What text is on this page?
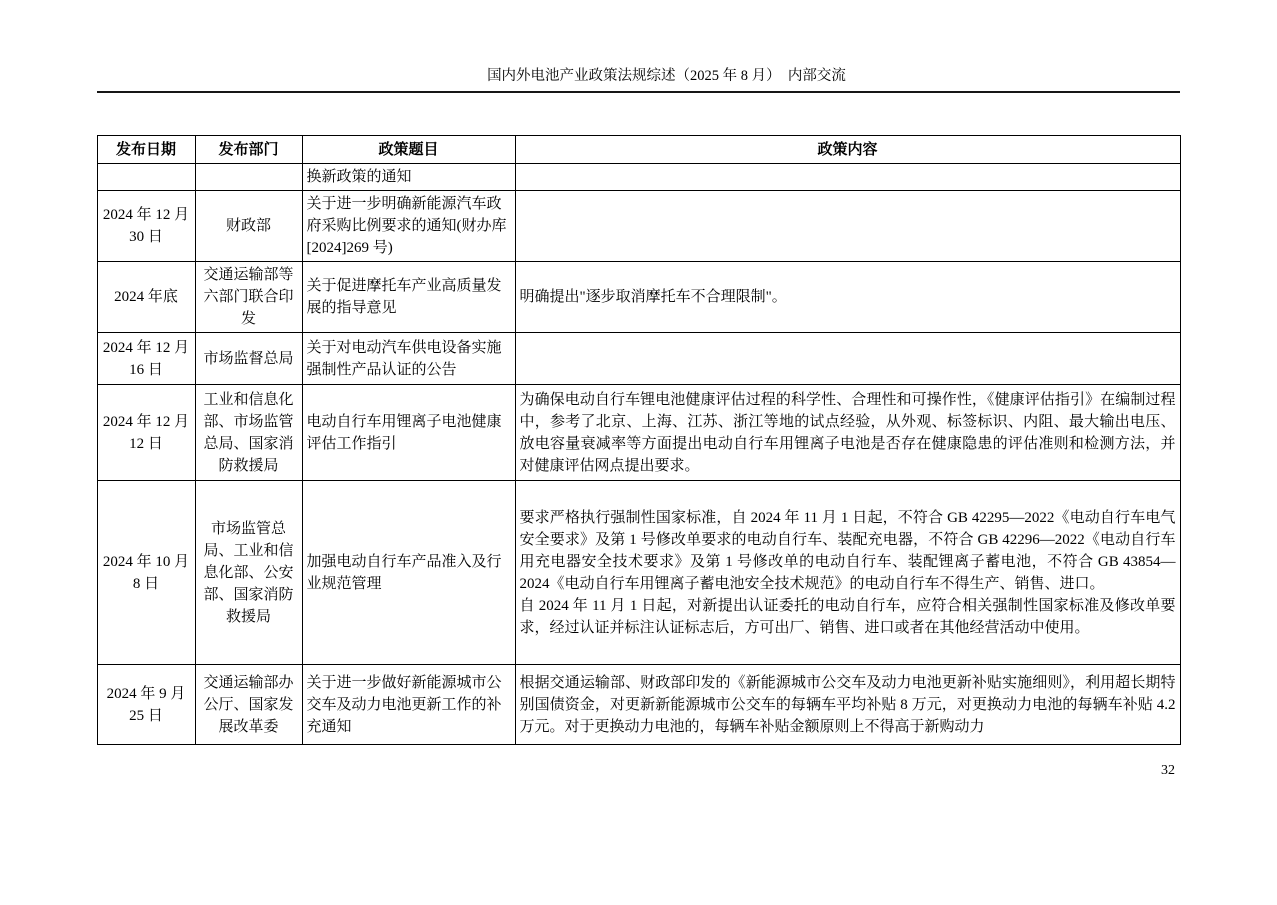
国内外电池产业政策法规综述（2025 年 8 月）　内部交流
发布日期	发布部门	政策题目	政策内容
		换新政策的通知	

2024 年 12 月 30 日	财政部	关于进一步明确新能源汽车政府采购比例要求的通知(财办库[2024]269 号)	

2024 年底	交通运输部等六部门联合印发	关于促进摩托车产业高质量发展的指导意见	明确提出"逐步取消摩托车不合理限制"。

2024 年 12 月 16 日	市场监督总局	关于对电动汽车供电设备实施强制性产品认证的公告	

2024 年 12 月 12 日	工业和信息化部、市场监管总局、国家消防救援局	电动自行车用锂离子电池健康评估工作指引	为确保电动自行车锂电池健康评估过程的科学性、合理性和可操作性，《健康评估指引》在编制过程中，参考了北京、上海、江苏、浙江等地的试点经验，从外观、标签标识、内阻、最大输出电压、放电容量衰减率等方面提出电动自行车用锂离子电池是否存在健康隐患的评估准则和检测方法，并对健康评估网点提出要求。

2024 年 10 月 8 日	市场监管总局、工业和信息化部、公安部、国家消防救援局	加强电动自行车产品准入及行业规范管理	要求严格执行强制性国家标准，自 2024 年 11 月 1 日起，不符合 GB 42295—2022《电动自行车电气安全要求》及第 1 号修改单要求的电动自行车、装配充电器，不符合 GB 42296—2022《电动自行车用充电器安全技术要求》及第 1 号修改单的电动自行车、装配锂离子蓄电池，不符合 GB 43854—2024《电动自行车用锂离子蓄电池安全技术规范》的电动自行车不得生产、销售、进口。
自 2024 年 11 月 1 日起，对新提出认证委托的电动自行车，应符合相关强制性国家标准及修改单要求，经过认证并标注认证标志后，方可出厂、销售、进口或者在其他经营活动中使用。

2024 年 9 月 25 日	交通运输部办公厅、国家发展改革委	关于进一步做好新能源城市公交车及动力电池更新工作的补充通知	根据交通运输部、财政部印发的《新能源城市公交车及动力电池更新补贴实施细则》，利用超长期特别国债资金，对更新新能源城市公交车的每辆车平均补贴 8 万元，对更换动力电池的每辆车补贴 4.2 万元。对于更换动力电池的，每辆车补贴金额原则上不得高于新购动力
32
